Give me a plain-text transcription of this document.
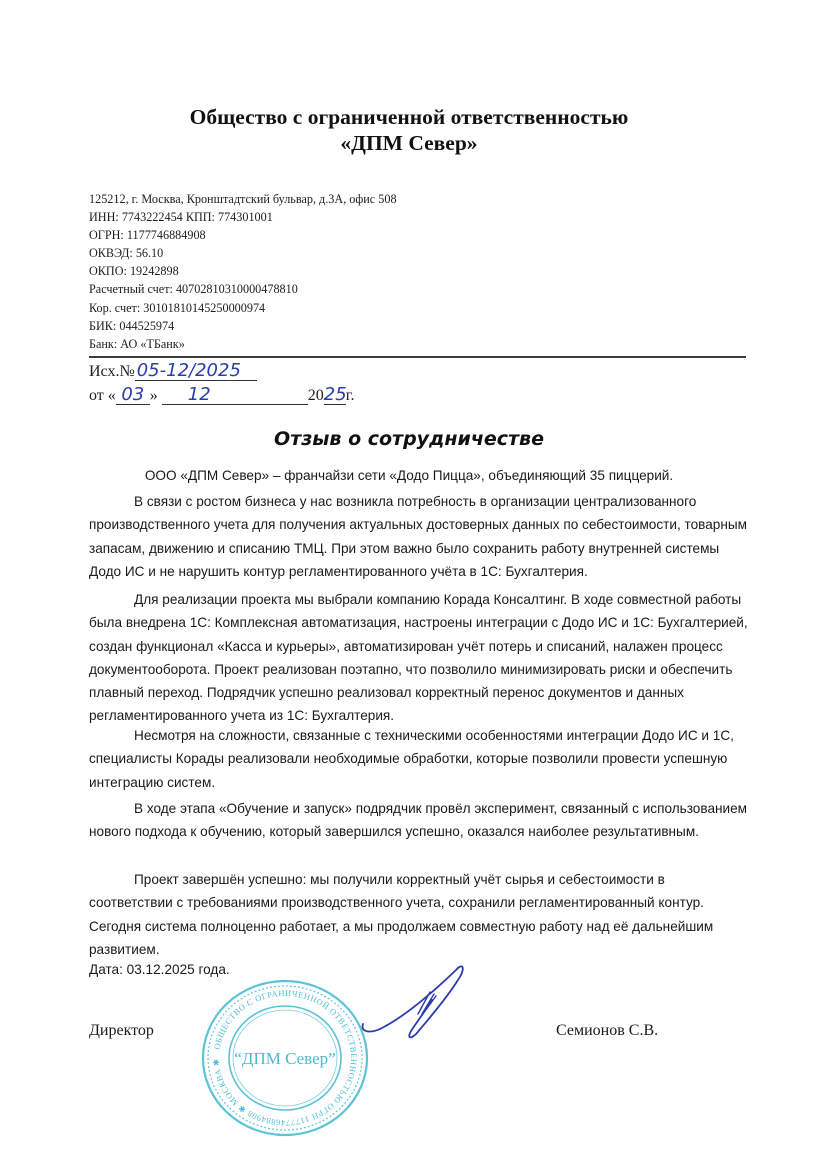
Общество с ограниченной ответственностью
«ДПМ Север»
125212, г. Москва, Кронштадтский бульвар, д.3А, офис 508
ИНН: 7743222454 КПП: 774301001
ОГРН: 1177746884908
ОКВЭД: 56.10
ОКПО: 19242898
Расчетный счет: 40702810310000478810
Кор. счет: 30101810145250000974
БИК: 044525974
Банк: АО «ТБанк»
Исх.№ 05-12/2025
от « 03 » 12	2025г.
Отзыв о сотрудничестве
ООО «ДПМ Север» – франчайзи сети «Додо Пицца», объединяющий 35 пиццерий.
В связи с ростом бизнеса у нас возникла потребность в организации централизованного производственного учета для получения актуальных достоверных данных по себестоимости, товарным запасам, движению и списанию ТМЦ. При этом важно было сохранить работу внутренней системы Додо ИС и не нарушить контур регламентированного учёта в 1С: Бухгалтерия.
Для реализации проекта мы выбрали компанию Корада Консалтинг. В ходе совместной работы была внедрена 1С: Комплексная автоматизация, настроены интеграции с Додо ИС и 1С: Бухгалтерией, создан функционал «Касса и курьеры», автоматизирован учёт потерь и списаний, налажен процесс документооборота. Проект реализован поэтапно, что позволило минимизировать риски и обеспечить плавный переход. Подрядчик успешно реализовал корректный перенос документов и данных регламентированного учета из 1С: Бухгалтерия.
Несмотря на сложности, связанные с техническими особенностями интеграции Додо ИС и 1С, специалисты Корады реализовали необходимые обработки, которые позволили провести успешную интеграцию систем.
В ходе этапа «Обучение и запуск» подрядчик провёл эксперимент, связанный с использованием нового подхода к обучению, который завершился успешно, оказался наиболее результативным.
Проект завершён успешно: мы получили корректный учёт сырья и себестоимости в соответствии с требованиями производственного учета, сохранили регламентированный контур. Сегодня система полноценно работает, а мы продолжаем совместную работу над её дальнейшим развитием.
Дата: 03.12.2025 года.
Директор
ОБЩЕСТВО С ОГРАНИЧЕННОЙ ОТВЕТСТВЕННОСТЬЮ ОГРН 1177746884908 ✱ МОСКВА ✱ “ДПМ Север”
Семионов С.В.
